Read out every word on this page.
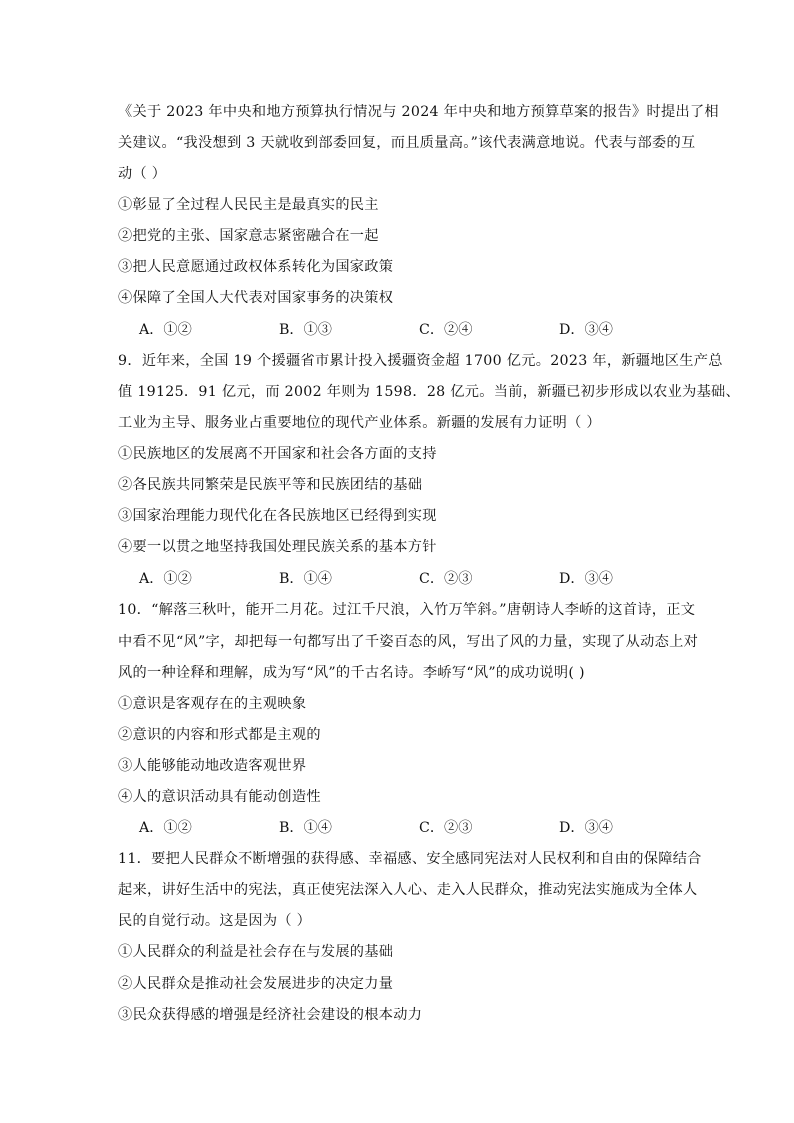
《关于 2023 年中央和地方预算执行情况与 2024 年中央和地方预算草案的报告》时提出了相
关建议。“我没想到 3 天就收到部委回复，而且质量高。”该代表满意地说。代表与部委的互
动（ ）
①彰显了全过程人民民主是最真实的民主
②把党的主张、国家意志紧密融合在一起
③把人民意愿通过政权体系转化为国家政策
④保障了全国人大代表对国家事务的决策权
A．①②	B．①③	C．②④	D．③④
9．近年来，全国 19 个援疆省市累计投入援疆资金超 1700 亿元。2023 年，新疆地区生产总
值 19125．91 亿元，而 2002 年则为 1598．28 亿元。当前，新疆已初步形成以农业为基础、
工业为主导、服务业占重要地位的现代产业体系。新疆的发展有力证明（ ）
①民族地区的发展离不开国家和社会各方面的支持
②各民族共同繁荣是民族平等和民族团结的基础
③国家治理能力现代化在各民族地区已经得到实现
④要一以贯之地坚持我国处理民族关系的基本方针
A．①②	B．①④	C．②③	D．③④
10．“解落三秋叶，能开二月花。过江千尺浪，入竹万竿斜。”唐朝诗人李峤的这首诗，正文
中看不见“风”字，却把每一句都写出了千姿百态的风，写出了风的力量，实现了从动态上对
风的一种诠释和理解，成为写“风”的千古名诗。李峤写“风”的成功说明( )
①意识是客观存在的主观映象
②意识的内容和形式都是主观的
③人能够能动地改造客观世界
④人的意识活动具有能动创造性
A．①②	B．①④	C．②③	D．③④
11．要把人民群众不断增强的获得感、幸福感、安全感同宪法对人民权利和自由的保障结合
起来，讲好生活中的宪法，真正使宪法深入人心、走入人民群众，推动宪法实施成为全体人
民的自觉行动。这是因为（ ）
①人民群众的利益是社会存在与发展的基础
②人民群众是推动社会发展进步的决定力量
③民众获得感的增强是经济社会建设的根本动力
